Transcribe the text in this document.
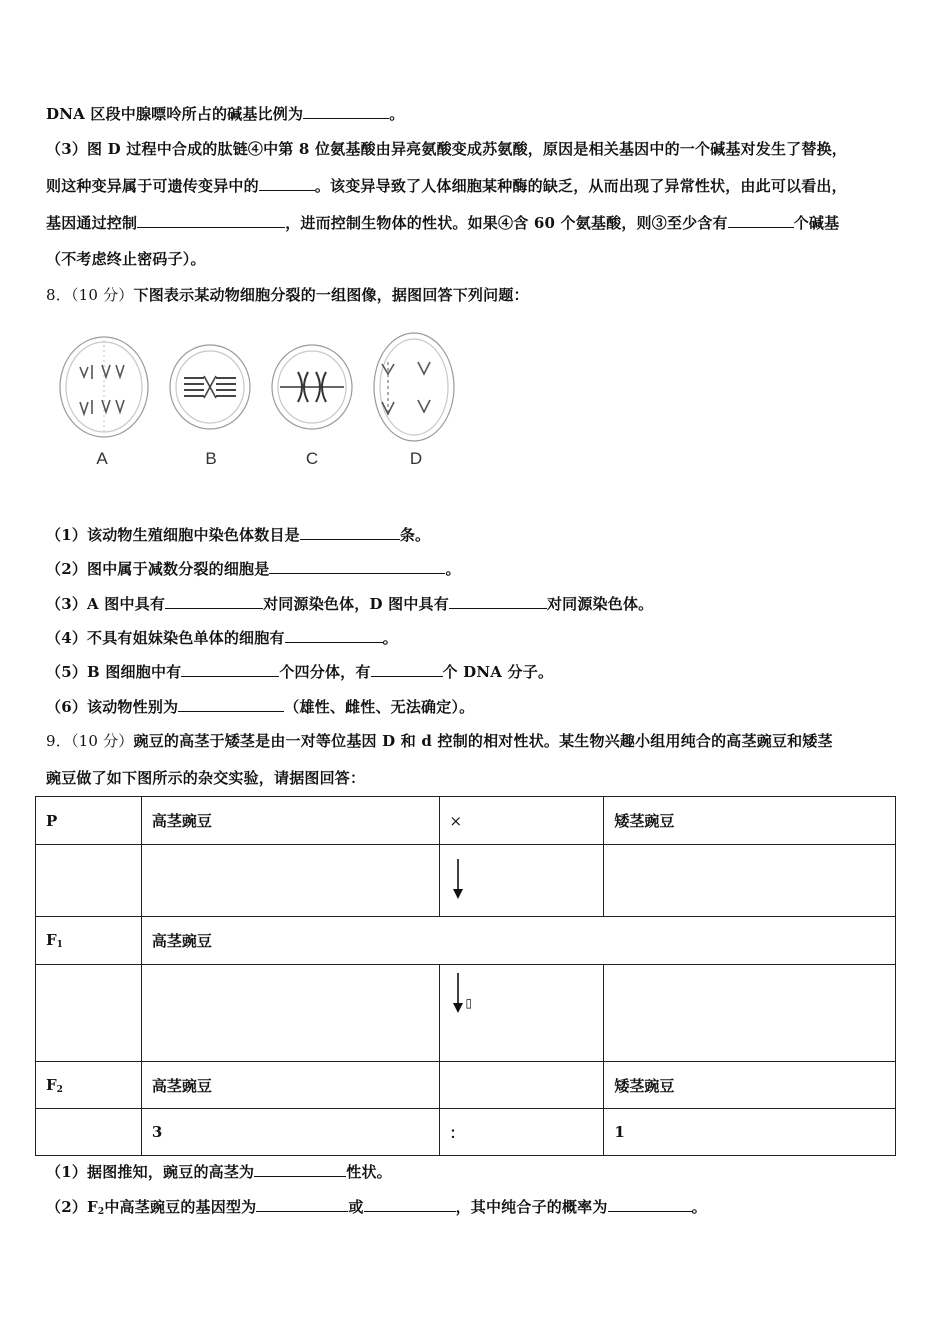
DNA 区段中腺嘌呤所占的碱基比例为	。
（3）图 D 过程中合成的肽链④中第 8 位氨基酸由异亮氨酸变成苏氨酸，原因是相关基因中的一个碱基对发生了替换，
则这种变异属于可遗传变异中的	。该变异导致了人体细胞某种酶的缺乏，从而出现了异常性状，由此可以看出，
基因通过控制	，进而控制生物体的性状。如果④含 60 个氨基酸，则③至少含有	个碱基
（不考虑终止密码子）。
8．（10 分）下图表示某动物细胞分裂的一组图像，据图回答下列问题：
A	B	C	D
（1）该动物生殖细胞中染色体数目是	条。
（2）图中属于减数分裂的细胞是	。
（3）A 图中具有	对同源染色体，D 图中具有	对同源染色体。
（4）不具有姐妹染色单体的细胞有	。
（5）B 图细胞中有	个四分体，有	个 DNA 分子。
（6）该动物性别为	（雄性、雌性、无法确定）。
9．（10 分）豌豆的高茎于矮茎是由一对等位基因 D 和 d 控制的相对性状。某生物兴趣小组用纯合的高茎豌豆和矮茎
豌豆做了如下图所示的杂交实验，请据图回答：
P	高茎豌豆	×	矮茎豌豆

$F_1$	高茎豌豆		
		▯	
$F_2$	高茎豌豆		矮茎豌豆
	3	：	1
（1）据图推知，豌豆的高茎为	性状。
$(2)F_2$中高茎豌豆的基因型为	或	，其中纯合子的概率为	。
